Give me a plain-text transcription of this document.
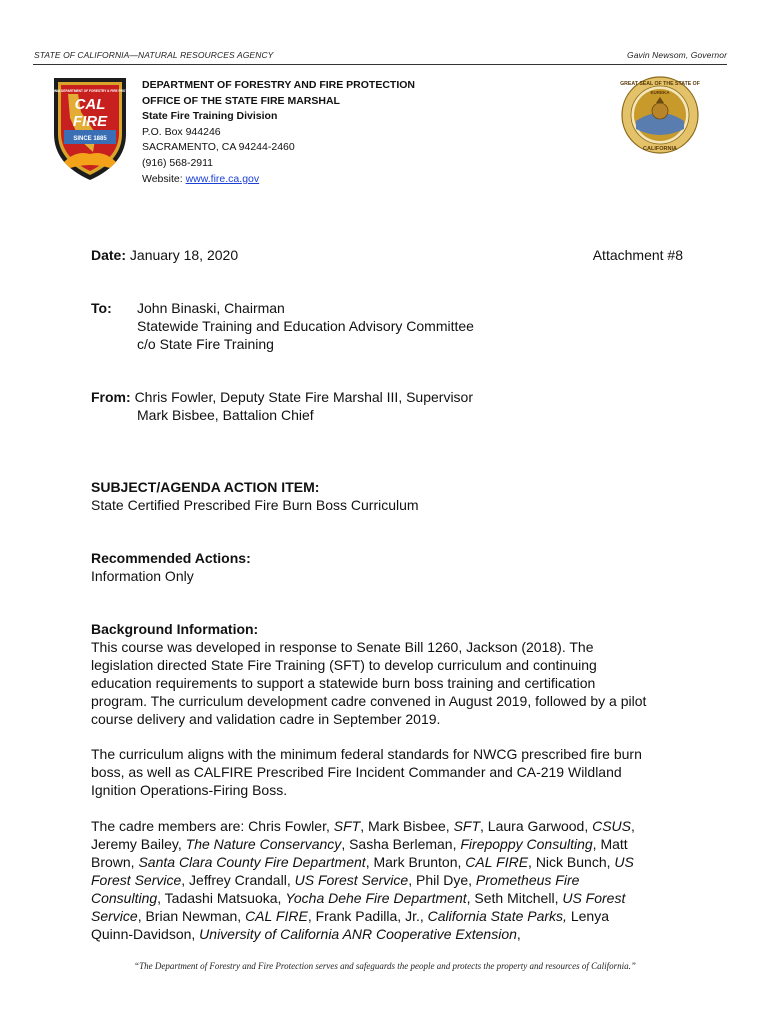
STATE OF CALIFORNIA—NATURAL RESOURCES AGENCY	Gavin Newsom, Governor
CAL
FIRE
SINCE 1885
CALIFORNIA DEPARTMENT OF FORESTRY & FIRE PROTECTION DEPARTMENT OF FORESTRY AND FIRE PROTECTION
OFFICE OF THE STATE FIRE MARSHAL
State Fire Training Division
P.O. Box 944246
SACRAMENTO, CA 94244-2460
(916) 568-2911
Website: www.fire.ca.gov
GREAT SEAL OF THE STATE OF
EUREKA
CALIFORNIA
Date: January 18, 2020	Attachment #8
To: John Binaski, Chairman
Statewide Training and Education Advisory Committee
c/o State Fire Training
From: Chris Fowler, Deputy State Fire Marshal III, Supervisor
Mark Bisbee, Battalion Chief
SUBJECT/AGENDA ACTION ITEM:
State Certified Prescribed Fire Burn Boss Curriculum
Recommended Actions:
Information Only
Background Information:
This course was developed in response to Senate Bill 1260, Jackson (2018). The
legislation directed State Fire Training (SFT) to develop curriculum and continuing
education requirements to support a statewide burn boss training and certification
program. The curriculum development cadre convened in August 2019, followed by a pilot
course delivery and validation cadre in September 2019.
The curriculum aligns with the minimum federal standards for NWCG prescribed fire burn
boss, as well as CALFIRE Prescribed Fire Incident Commander and CA-219 Wildland
Ignition Operations-Firing Boss.
The cadre members are: Chris Fowler, SFT, Mark Bisbee, SFT, Laura Garwood, CSUS,
Jeremy Bailey, The Nature Conservancy, Sasha Berleman, Firepoppy Consulting, Matt
Brown, Santa Clara County Fire Department, Mark Brunton, CAL FIRE, Nick Bunch, US
Forest Service, Jeffrey Crandall, US Forest Service, Phil Dye, Prometheus Fire
Consulting, Tadashi Matsuoka, Yocha Dehe Fire Department, Seth Mitchell, US Forest
Service, Brian Newman, CAL FIRE, Frank Padilla, Jr., California State Parks, Lenya
Quinn-Davidson, University of California ANR Cooperative Extension,
“The Department of Forestry and Fire Protection serves and safeguards the people and protects the property and resources of California.”
